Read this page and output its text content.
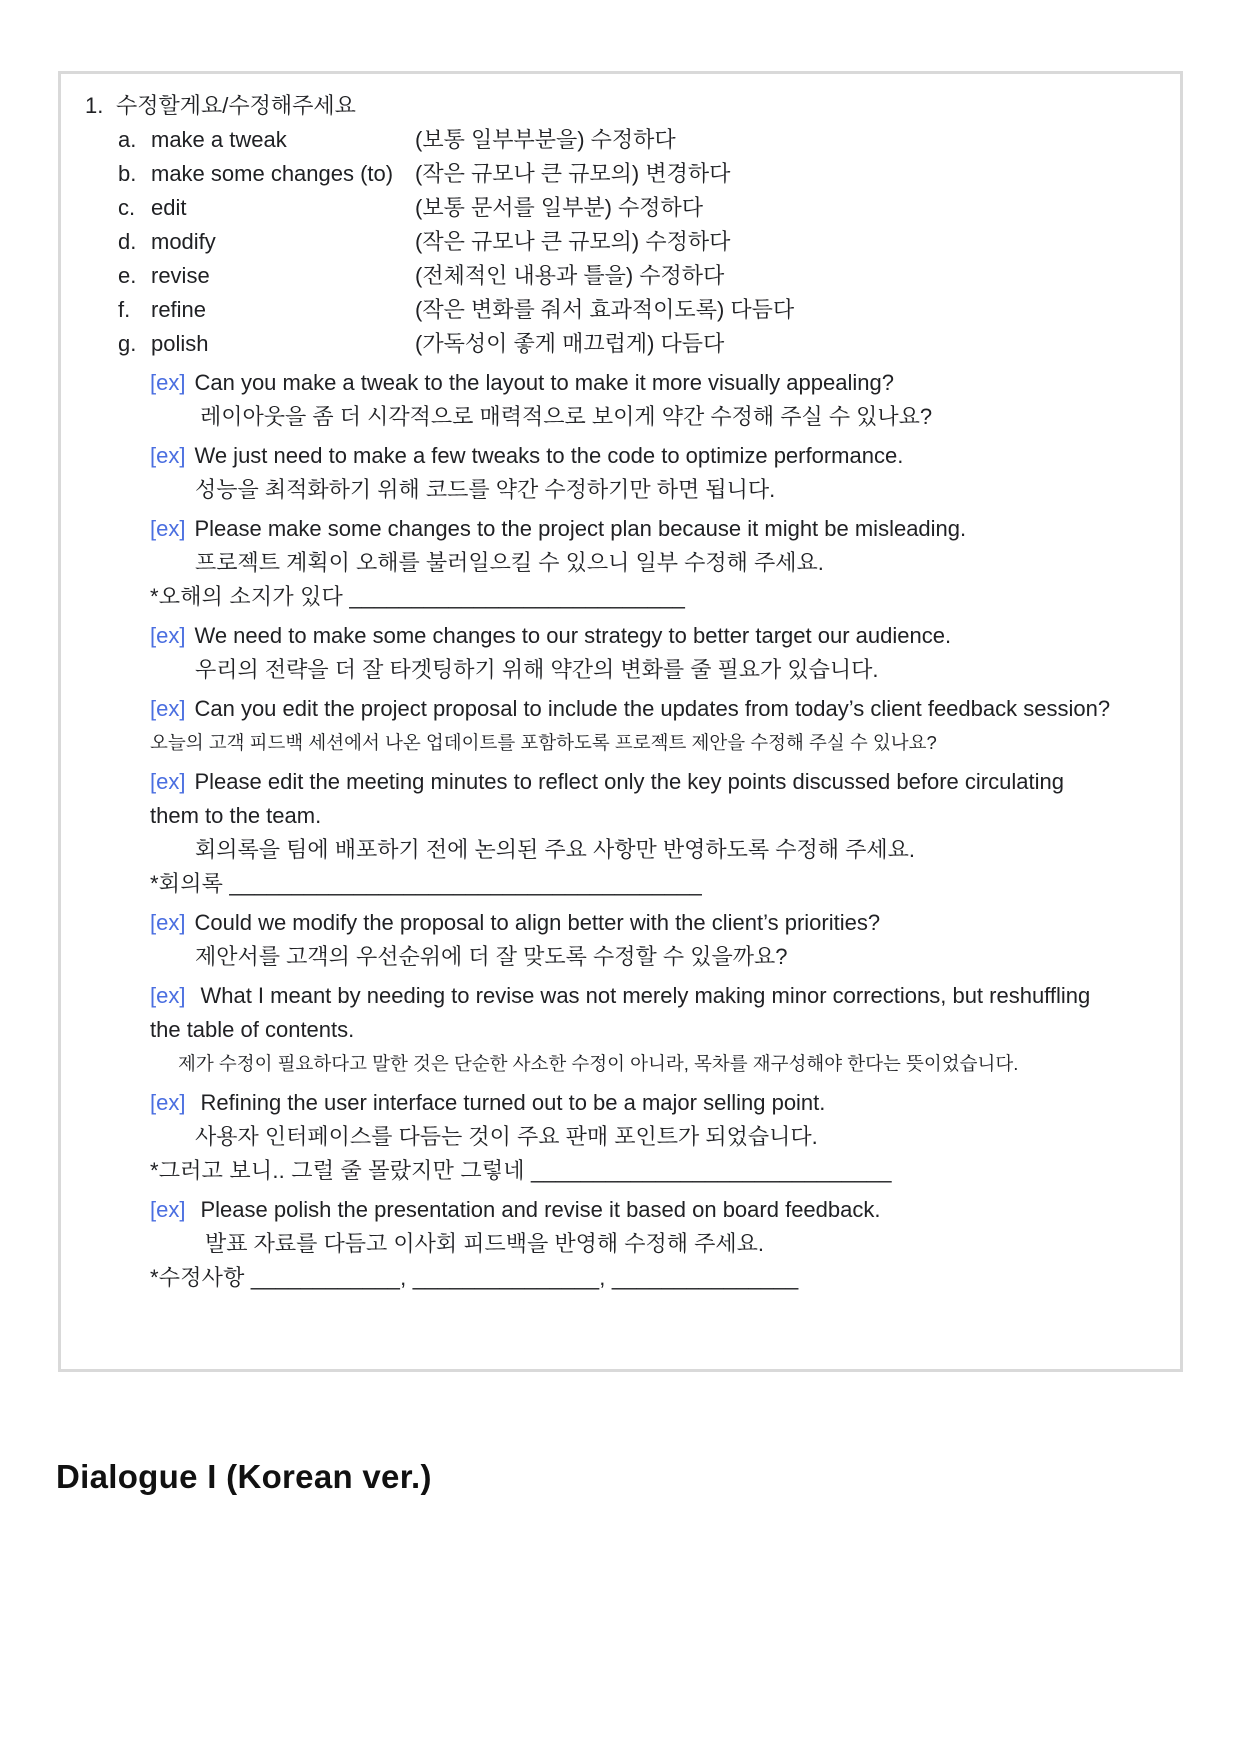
1. 수정할게요/수정해주세요
a. make a tweak	(보통 일부부분을) 수정하다
b. make some changes (to) (작은 규모나 큰 규모의) 변경하다
c. edit	(보통 문서를 일부분) 수정하다
d. modify	(작은 규모나 큰 규모의) 수정하다
e. revise	(전체적인 내용과 틀을) 수정하다
f. refine	(작은 변화를 줘서 효과적이도록) 다듬다
g. polish	(가독성이 좋게 매끄럽게) 다듬다

[ex] Can you make a tweak to the layout to make it more visually appealing?

레이아웃을 좀 더 시각적으로 매력적으로 보이게 약간 수정해 주실 수 있나요?

[ex] We just need to make a few tweaks to the code to optimize performance.

성능을 최적화하기 위해 코드를 약간 수정하기만 하면 됩니다.

[ex] Please make some changes to the project plan because it might be misleading.

프로젝트 계획이 오해를 불러일으킬 수 있으니 일부 수정해 주세요.

*오해의 소지가 있다 ___________________________

[ex] We need to make some changes to our strategy to better target our audience.

우리의 전략을 더 잘 타겟팅하기 위해 약간의 변화를 줄 필요가 있습니다.

[ex] Can you edit the project proposal to include the updates from today’s client feedback session?

오늘의 고객 피드백 세션에서 나온 업데이트를 포함하도록 프로젝트 제안을 수정해 주실 수 있나요?

[ex] Please edit the meeting minutes to reflect only the key points discussed before circulating them to the team.

회의록을 팀에 배포하기 전에 논의된 주요 사항만 반영하도록 수정해 주세요.

*회의록 ______________________________________

[ex] Could we modify the proposal to align better with the client’s priorities?

제안서를 고객의 우선순위에 더 잘 맞도록 수정할 수 있을까요?

[ex] What I meant by needing to revise was not merely making minor corrections, but reshuffling the table of contents.

제가 수정이 필요하다고 말한 것은 단순한 사소한 수정이 아니라, 목차를 재구성해야 한다는 뜻이었습니다.

[ex] Refining the user interface turned out to be a major selling point.

사용자 인터페이스를 다듬는 것이 주요 판매 포인트가 되었습니다.

*그러고 보니.. 그럴 줄 몰랐지만 그렇네 _____________________________

[ex] Please polish the presentation and revise it based on board feedback.

발표 자료를 다듬고 이사회 피드백을 반영해 수정해 주세요.

*수정사항 ____________, _______________, _______________

Dialogue I (Korean ver.)
